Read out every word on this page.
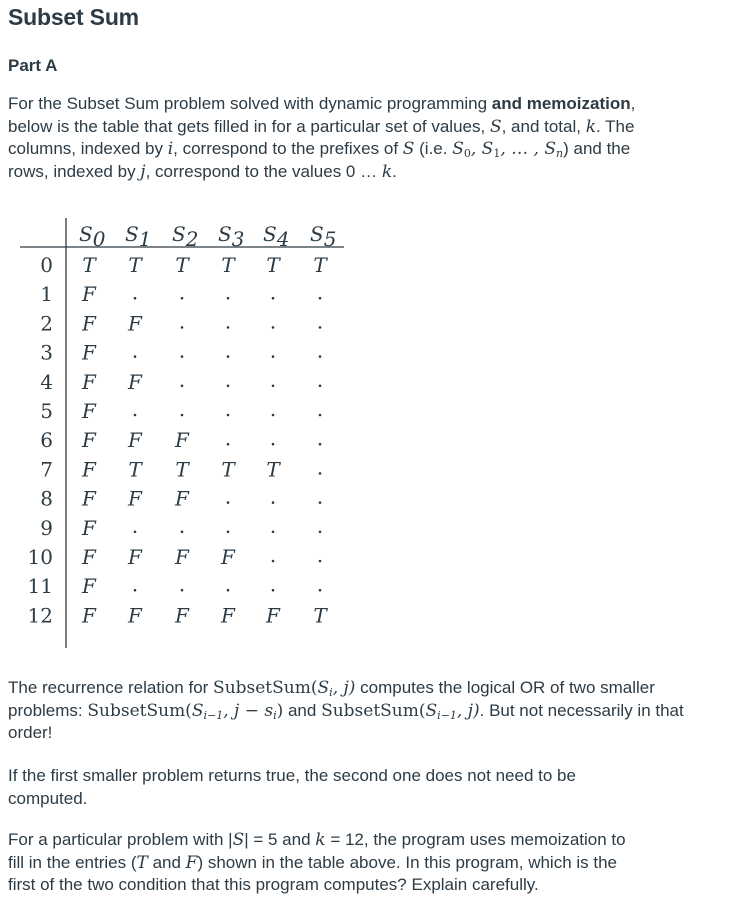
Subset Sum
Part A

For the Subset Sum problem solved with dynamic programming and memoization,
below is the table that gets filled in for a particular set of values, S, and total, k. The
columns, indexed by i, correspond to the prefixes of S (i.e. $S_0$, $S_1$, … , $S_n$) and the
rows, indexed by j, correspond to the values 0 … k.

S0 S1 S2 S3 S4 S5
0 T T T T T T
1 F
2 F F
3 F
4 F F
5 F
6 F F F
7 F T T T T
8 F F F
9 F
10 F F F F
11 F
12 F F F F F T

The recurrence relation for $SubsetSum(S_i$, j) computes the logical OR of two smaller
problems: $SubsetSum(S_{i-1}$, $j - s_i$) and $SubsetSum(S_{i-1}$, j). But not necessarily in that
order!

If the first smaller problem returns true, the second one does not need to be
computed.

For a particular problem with |S| = 5 and k = 12, the program uses memoization to
fill in the entries (T and F) shown in the table above. In this program, which is the
first of the two condition that this program computes? Explain carefully.
